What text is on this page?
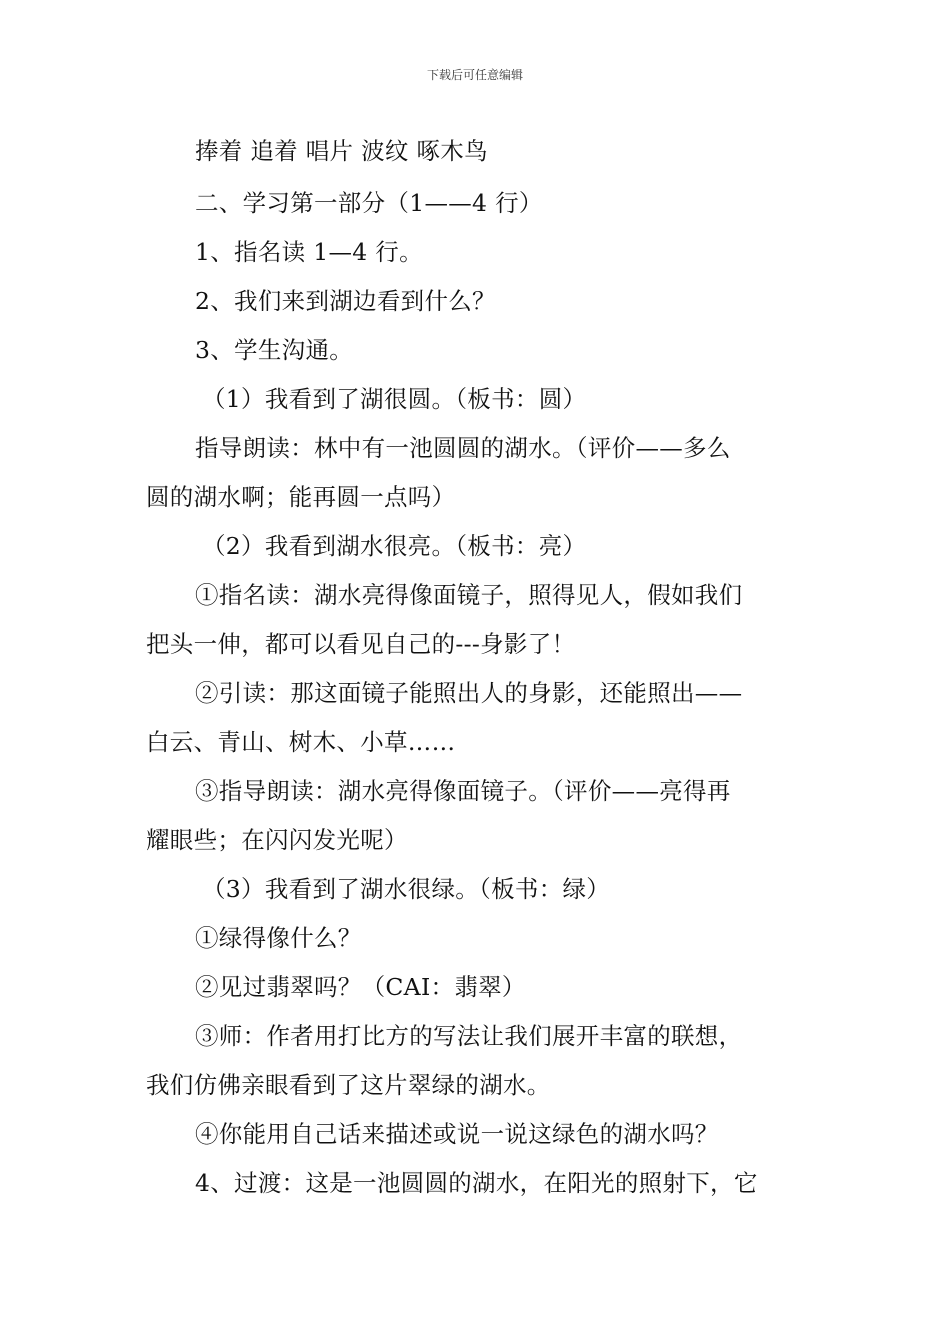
下载后可任意编辑
捧着 追着 唱片 波纹 啄木鸟
二、学习第一部分（1——4 行）
1、指名读 1—4 行。
2、我们来到湖边看到什么？
3、学生沟通。
（1）我看到了湖很圆。（板书：圆）
指导朗读：林中有一池圆圆的湖水。（评价——多么
圆的湖水啊；能再圆一点吗）
（2）我看到湖水很亮。（板书：亮）
①指名读：湖水亮得像面镜子，照得见人，假如我们
把头一伸，都可以看见自己的---身影了！
②引读：那这面镜子能照出人的身影，还能照出——
白云、青山、树木、小草……
③指导朗读：湖水亮得像面镜子。（评价——亮得再
耀眼些；在闪闪发光呢）
（3）我看到了湖水很绿。（板书：绿）
①绿得像什么？
②见过翡翠吗？（CAI：翡翠）
③师：作者用打比方的写法让我们展开丰富的联想，
我们仿佛亲眼看到了这片翠绿的湖水。
④你能用自己话来描述或说一说这绿色的湖水吗？
4、过渡：这是一池圆圆的湖水，在阳光的照射下，它
